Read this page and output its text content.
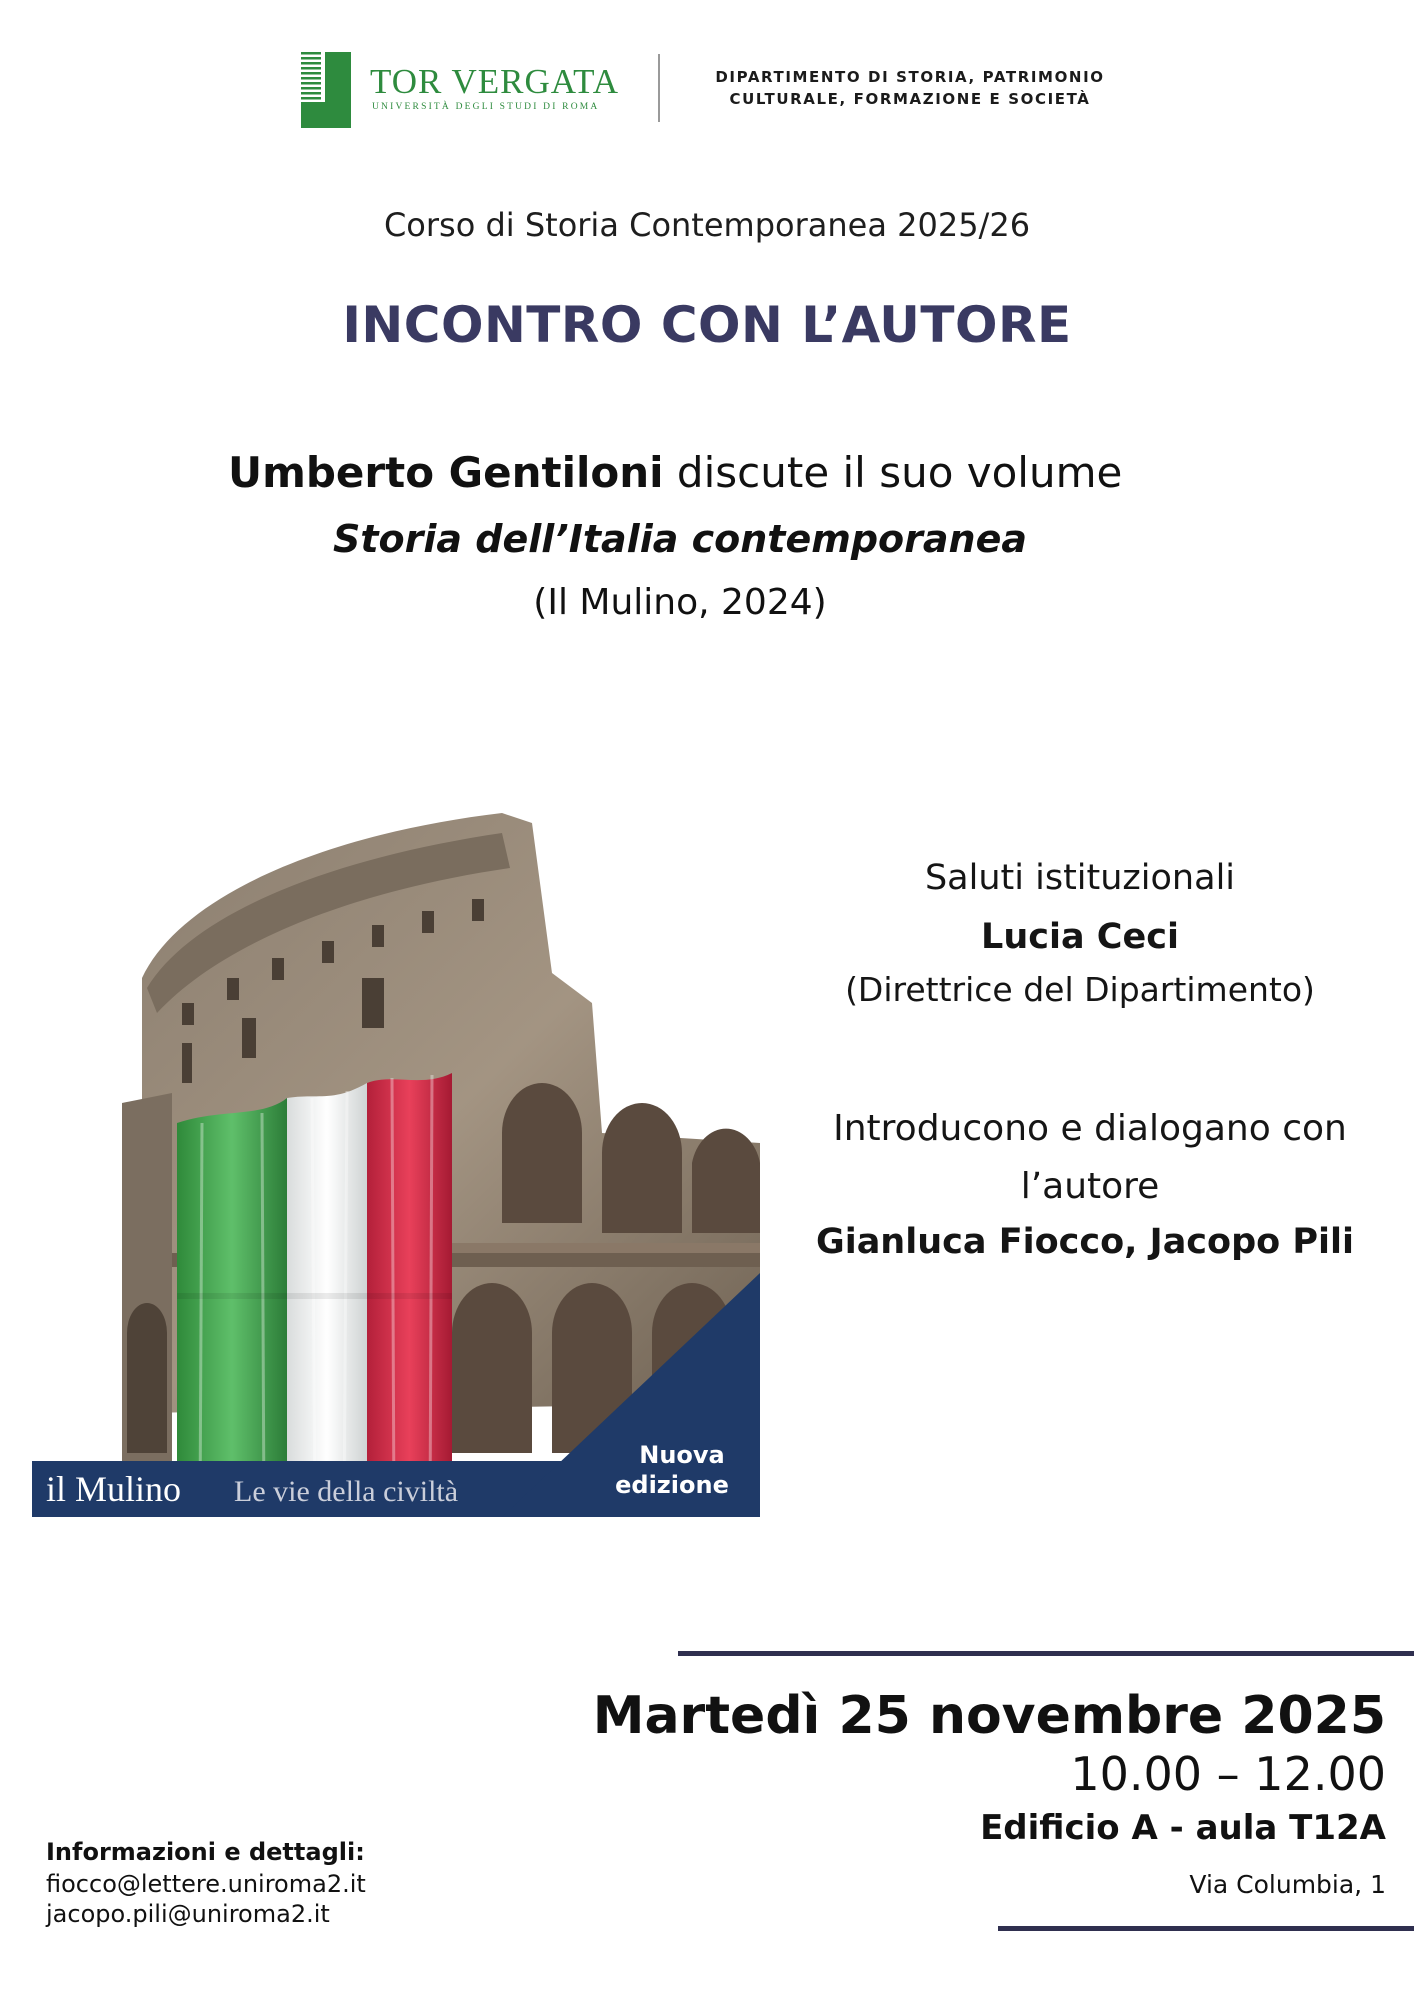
TOR VERGATA
UNIVERSITÀ DEGLI STUDI DI ROMA
DIPARTIMENTO DI STORIA, PATRIMONIO
CULTURALE, FORMAZIONE E SOCIETÀ
Corso di Storia Contemporanea 2025/26
INCONTRO CON L’AUTORE
Umberto Gentiloni discute il suo volume
Storia dell’Italia contemporanea
(Il Mulino, 2024)
il Mulino Le vie della civiltà
Nuova
edizione
Saluti istituzionali
Lucia Ceci
(Direttrice del Dipartimento)
Introducono e dialogano con
l’autore
Gianluca Fiocco, Jacopo Pili
Martedì 25 novembre 2025
10.00 – 12.00
Edificio A - aula T12A
Via Columbia, 1
Informazioni e dettagli:
fiocco@lettere.uniroma2.it
jacopo.pili@uniroma2.it
